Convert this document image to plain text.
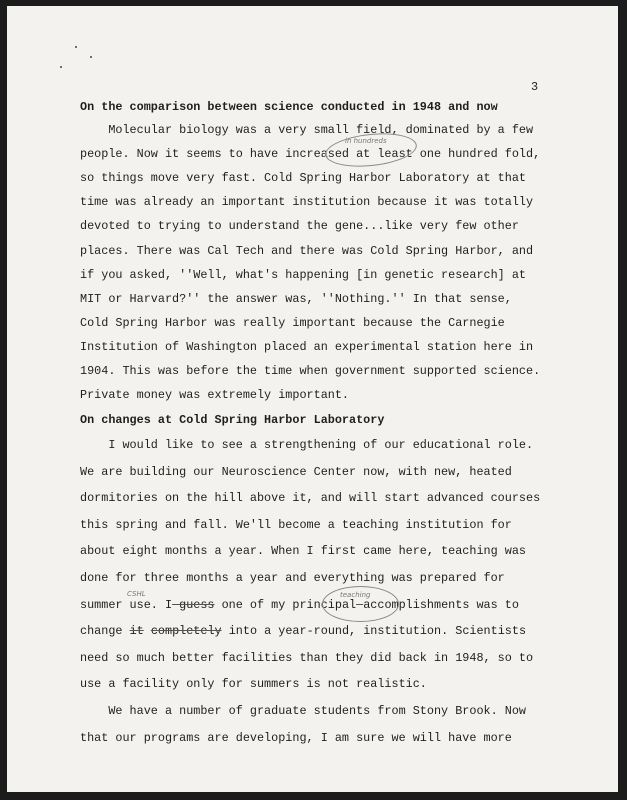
3
On the comparison between science conducted in 1948 and now
Molecular biology was a very small field, dominated by a few
people. Now it seems to have increased at least one hundred fold,
so things move very fast. Cold Spring Harbor Laboratory at that
time was already an important institution because it was totally
devoted to trying to understand the gene...like very few other
places. There was Cal Tech and there was Cold Spring Harbor, and
if you asked, ''Well, what's happening [in genetic research] at
MIT or Harvard?'' the answer was, ''Nothing.'' In that sense,
Cold Spring Harbor was really important because the Carnegie
Institution of Washington placed an experimental station here in
1904. This was before the time when government supported science.
Private money was extremely important.
On changes at Cold Spring Harbor Laboratory
I would like to see a strengthening of our educational role.
We are building our Neuroscience Center now, with new, heated
dormitories on the hill above it, and will start advanced courses
this spring and fall. We'll become a teaching institution for
about eight months a year. When I first came here, teaching was
done for three months a year and everything was prepared for
summer use. I guess one of my principal accomplishments was to
change it completely into a year-round, institution. Scientists
need so much better facilities than they did back in 1948, so to
use a facility only for summers is not realistic.
We have a number of graduate students from Stony Brook. Now
that our programs are developing, I am sure we will have more
in hundreds
CSHL	teaching
